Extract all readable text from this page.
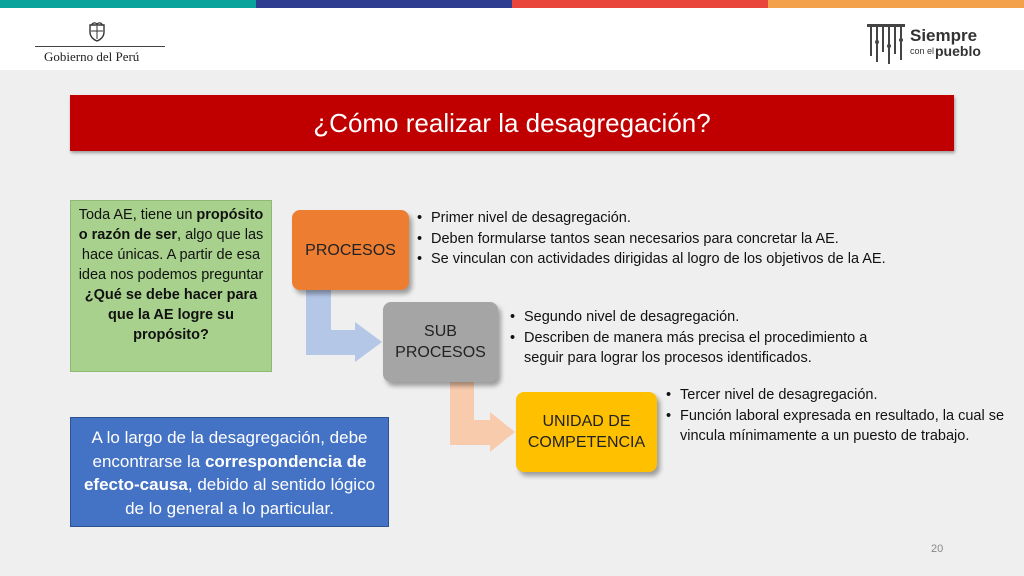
Gobierno del Perú
Siempre
con el pueblo
¿Cómo realizar la desagregación?
Toda AE, tiene un propósito o razón de ser, algo que las hace únicas. A partir de esa idea nos podemos preguntar ¿Qué se debe hacer para que la AE logre su propósito?
A lo largo de la desagregación, debe encontrarse la correspondencia de efecto-causa, debido al sentido lógico de lo general a lo particular.
PROCESOS
SUB PROCESOS
UNIDAD DE COMPETENCIA
• Primer nivel de desagregación.
• Deben formularse tantos sean necesarios para concretar la AE.
• Se vinculan con actividades dirigidas al logro de los objetivos de la AE.
• Segundo nivel de desagregación.
• Describen de manera más precisa el procedimiento a seguir para lograr los procesos identificados.
• Tercer nivel de desagregación.
• Función laboral expresada en resultado, la cual se vincula mínimamente a un puesto de trabajo.
20
